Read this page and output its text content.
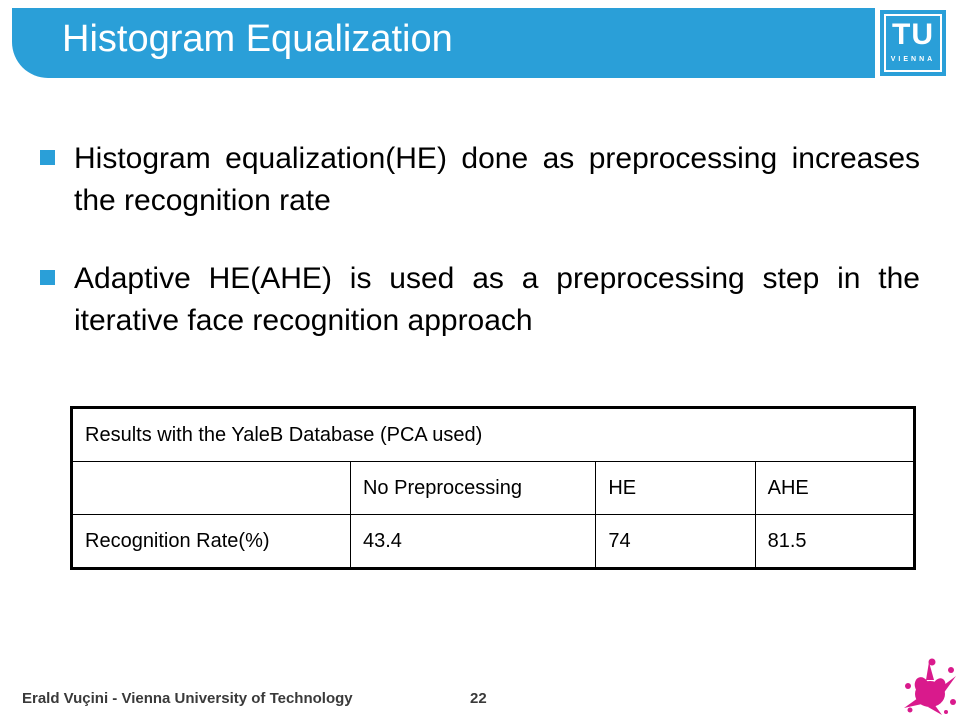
Histogram Equalization	TU
VIENNA
Histogram equalization(HE) done as preprocessing increases the recognition rate
Adaptive HE(AHE) is used as a preprocessing step in the iterative face recognition approach
Results with the YaleB Database (PCA used)			
	No Preprocessing	HE	AHE
Recognition Rate(%)	43.4	74	81.5
Erald Vuçini - Vienna University of Technology	22
